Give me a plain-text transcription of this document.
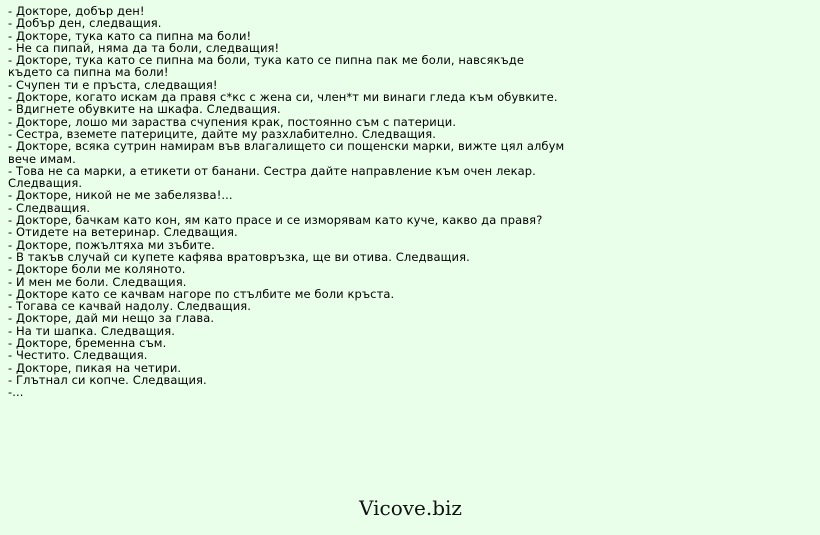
- Докторе, добър ден!
- Добър ден, следващия.
- Докторе, тука като са пипна ма боли!
- Не са пипай, няма да та боли, следващия!
- Докторе, тука като се пипна ма боли, тука като се пипна пак ме боли, навсякъде където са пипна ма боли!
- Счупен ти е пръста, следващия!
- Докторе, когато искам да правя с*кс с жена си, член*т ми винаги гледа към обувките.
- Вдигнете обувките на шкафа. Следващия.
- Докторе, лошо ми зараства счупения крак, постоянно съм с патерици.
- Сестра, вземете патериците, дайте му разхлабително. Следващия.
- Докторе, всяка сутрин намирам във влагалището си пощенски марки, вижте цял албум вече имам.
- Това не са марки, а етикети от банани. Сестра дайте направление към очен лекар. Следващия.
- Докторе, никой не ме забелязва!...
- Следващия.
- Докторе, бачкам като кон, ям като прасе и се изморявам като куче, какво да правя?
- Отидете на ветеринар. Следващия.
- Докторе, пожълтяха ми зъбите.
- В такъв случай си купете кафява вратовръзка, ще ви отива. Следващия.
- Докторе боли ме коляното.
- И мен ме боли. Следващия.
- Докторе като се качвам нагоре по стълбите ме боли кръста.
- Тогава се качвай надолу. Следващия.
- Докторе, дай ми нещо за глава.
- На ти шапка. Следващия.
- Докторе, бременна съм.
- Честито. Следващия.
- Докторе, пикая на четири.
- Глътнал си копче. Следващия.
-...
Vicove.biz
